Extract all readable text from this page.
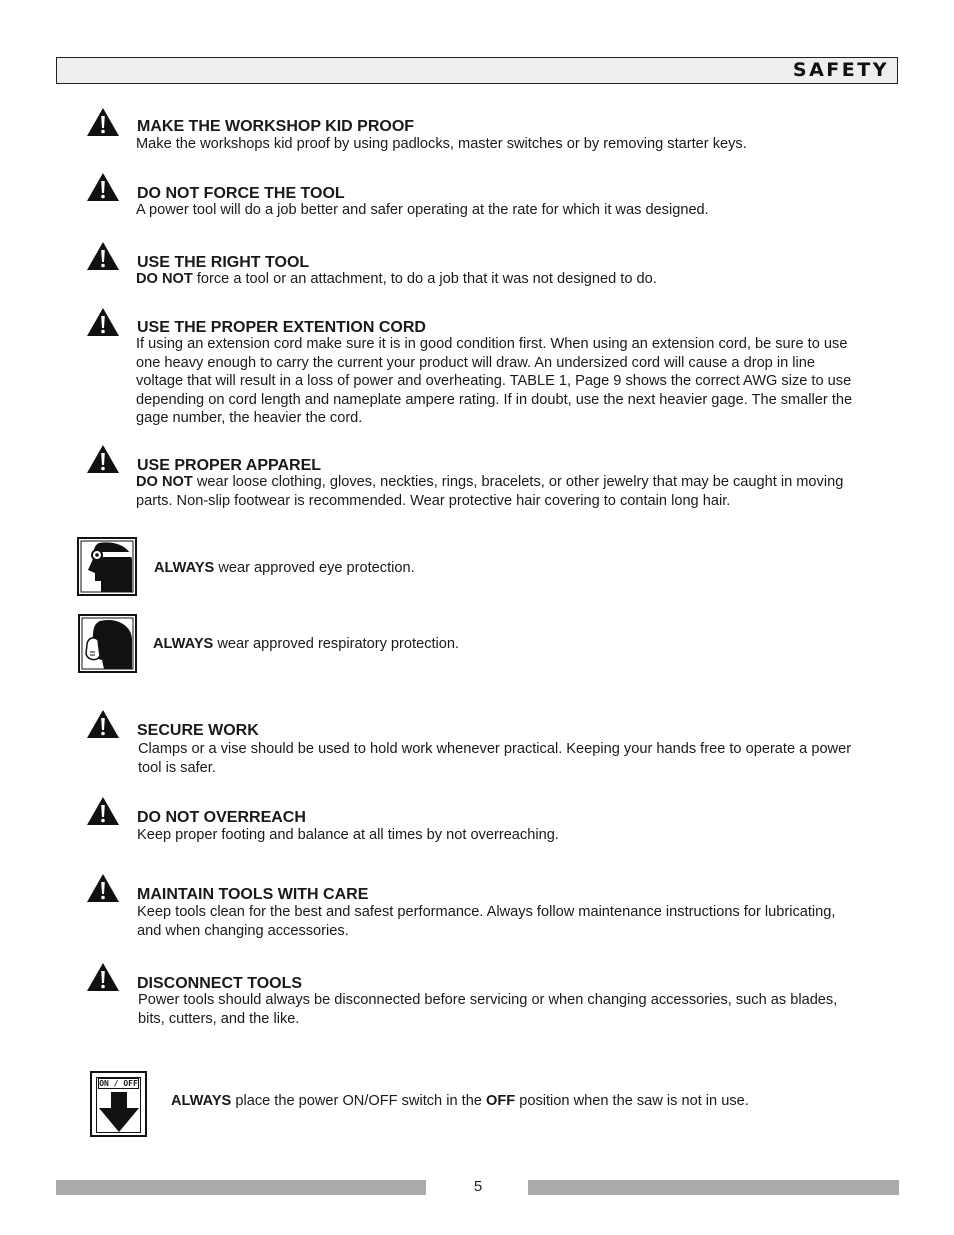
SAFETY
MAKE THE WORKSHOP KID PROOF
Make the workshops kid proof by using padlocks, master switches or by removing starter keys.
DO NOT FORCE THE TOOL
A power tool will do a job better and safer operating at the rate for which it was designed.
USE THE RIGHT TOOL
DO NOT force a tool or an attachment, to do a job that it was not designed to do.
USE THE PROPER EXTENTION CORD
If using an extension cord make sure it is in good condition first. When using an extension cord, be sure to use one heavy enough to carry the current your product will draw. An undersized cord will cause a drop in line voltage that will result in a loss of power and overheating. TABLE 1, Page 9 shows the correct AWG size to use depending on cord length and nameplate ampere rating. If in doubt, use the next heavier gage. The smaller the gage number, the heavier the cord.
USE PROPER APPAREL
DO NOT wear loose clothing, gloves, neckties, rings, bracelets, or other jewelry that may be caught in moving parts. Non-slip footwear is recommended. Wear protective hair covering to contain long hair.
ALWAYS wear approved eye protection.
ALWAYS wear approved respiratory protection.
SECURE WORK
Clamps or a vise should be used to hold work whenever practical. Keeping your hands free to operate a power tool is safer.
DO NOT OVERREACH
Keep proper footing and balance at all times by not overreaching.
MAINTAIN TOOLS WITH CARE
Keep tools clean for the best and safest performance. Always follow maintenance instructions for lubricating, and when changing accessories.
DISCONNECT TOOLS
Power tools should always be disconnected before servicing or when changing accessories, such as blades, bits, cutters, and the like.
ON / OFF
ALWAYS place the power ON/OFF switch in the OFF position when the saw is not in use.
5
